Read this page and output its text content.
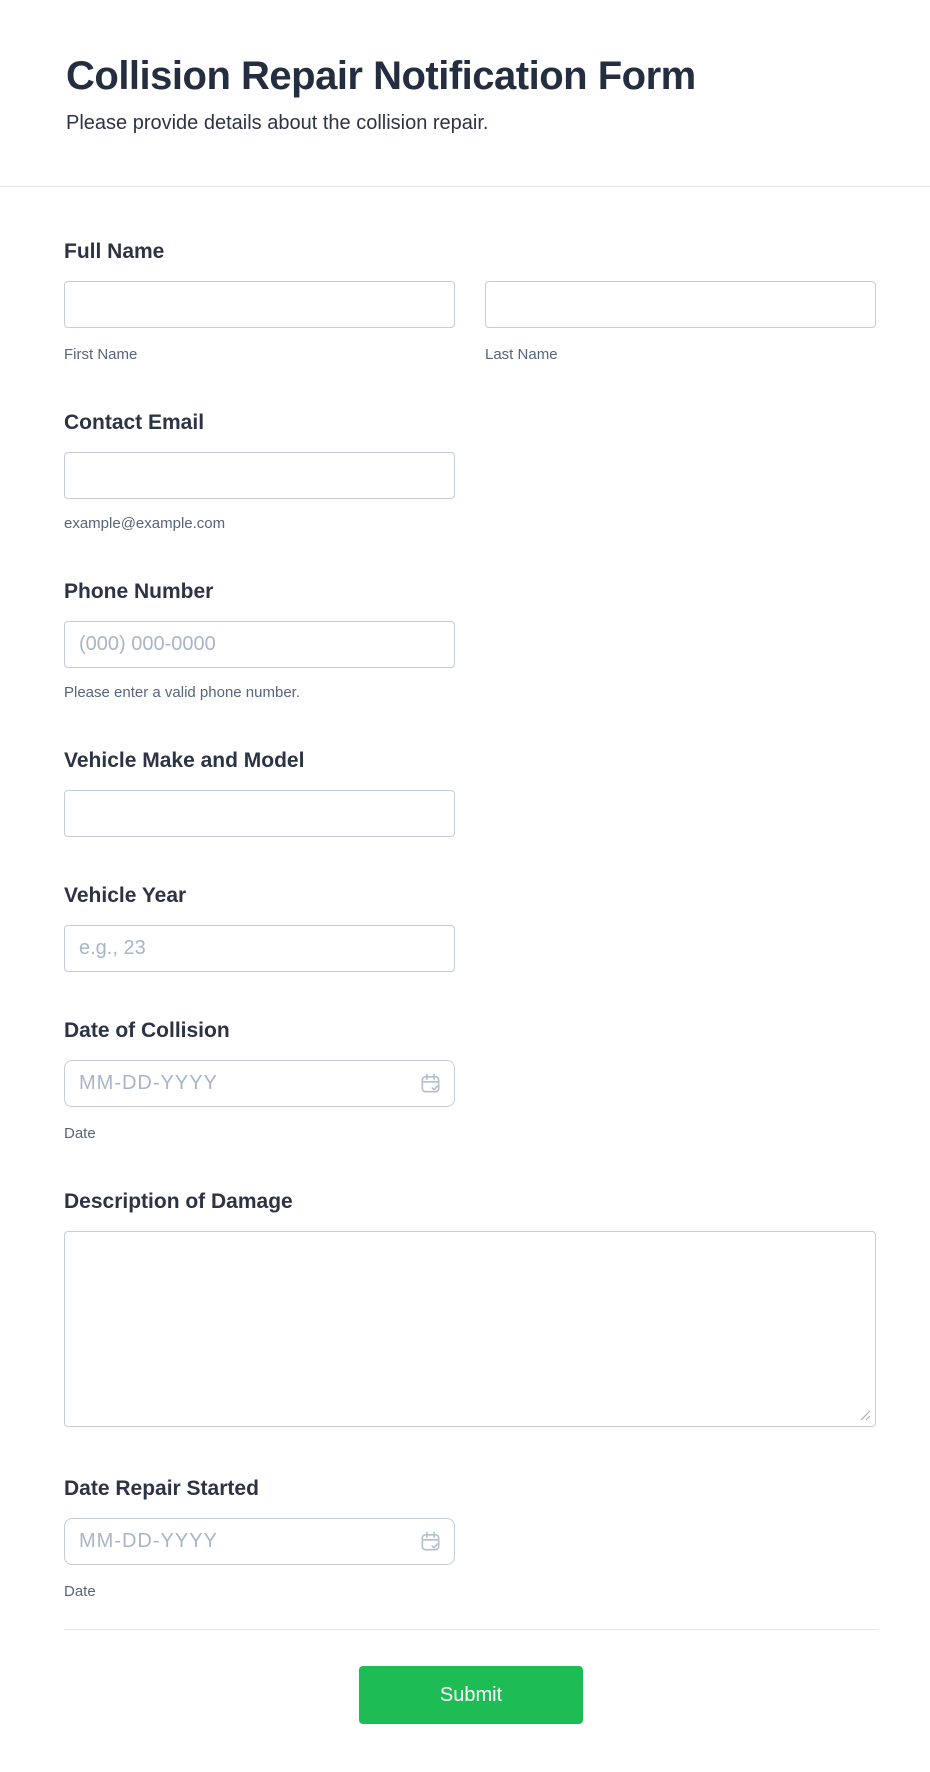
Collision Repair Notification Form
Please provide details about the collision repair.
Full Name
First Name	Last Name
Contact Email
example@example.com
Phone Number
(000) 000-0000
Please enter a valid phone number.
Vehicle Make and Model
Vehicle Year
e.g., 23
Date of Collision
MM-DD-YYYY
Date
Description of Damage
Date Repair Started
MM-DD-YYYY
Date
Submit
